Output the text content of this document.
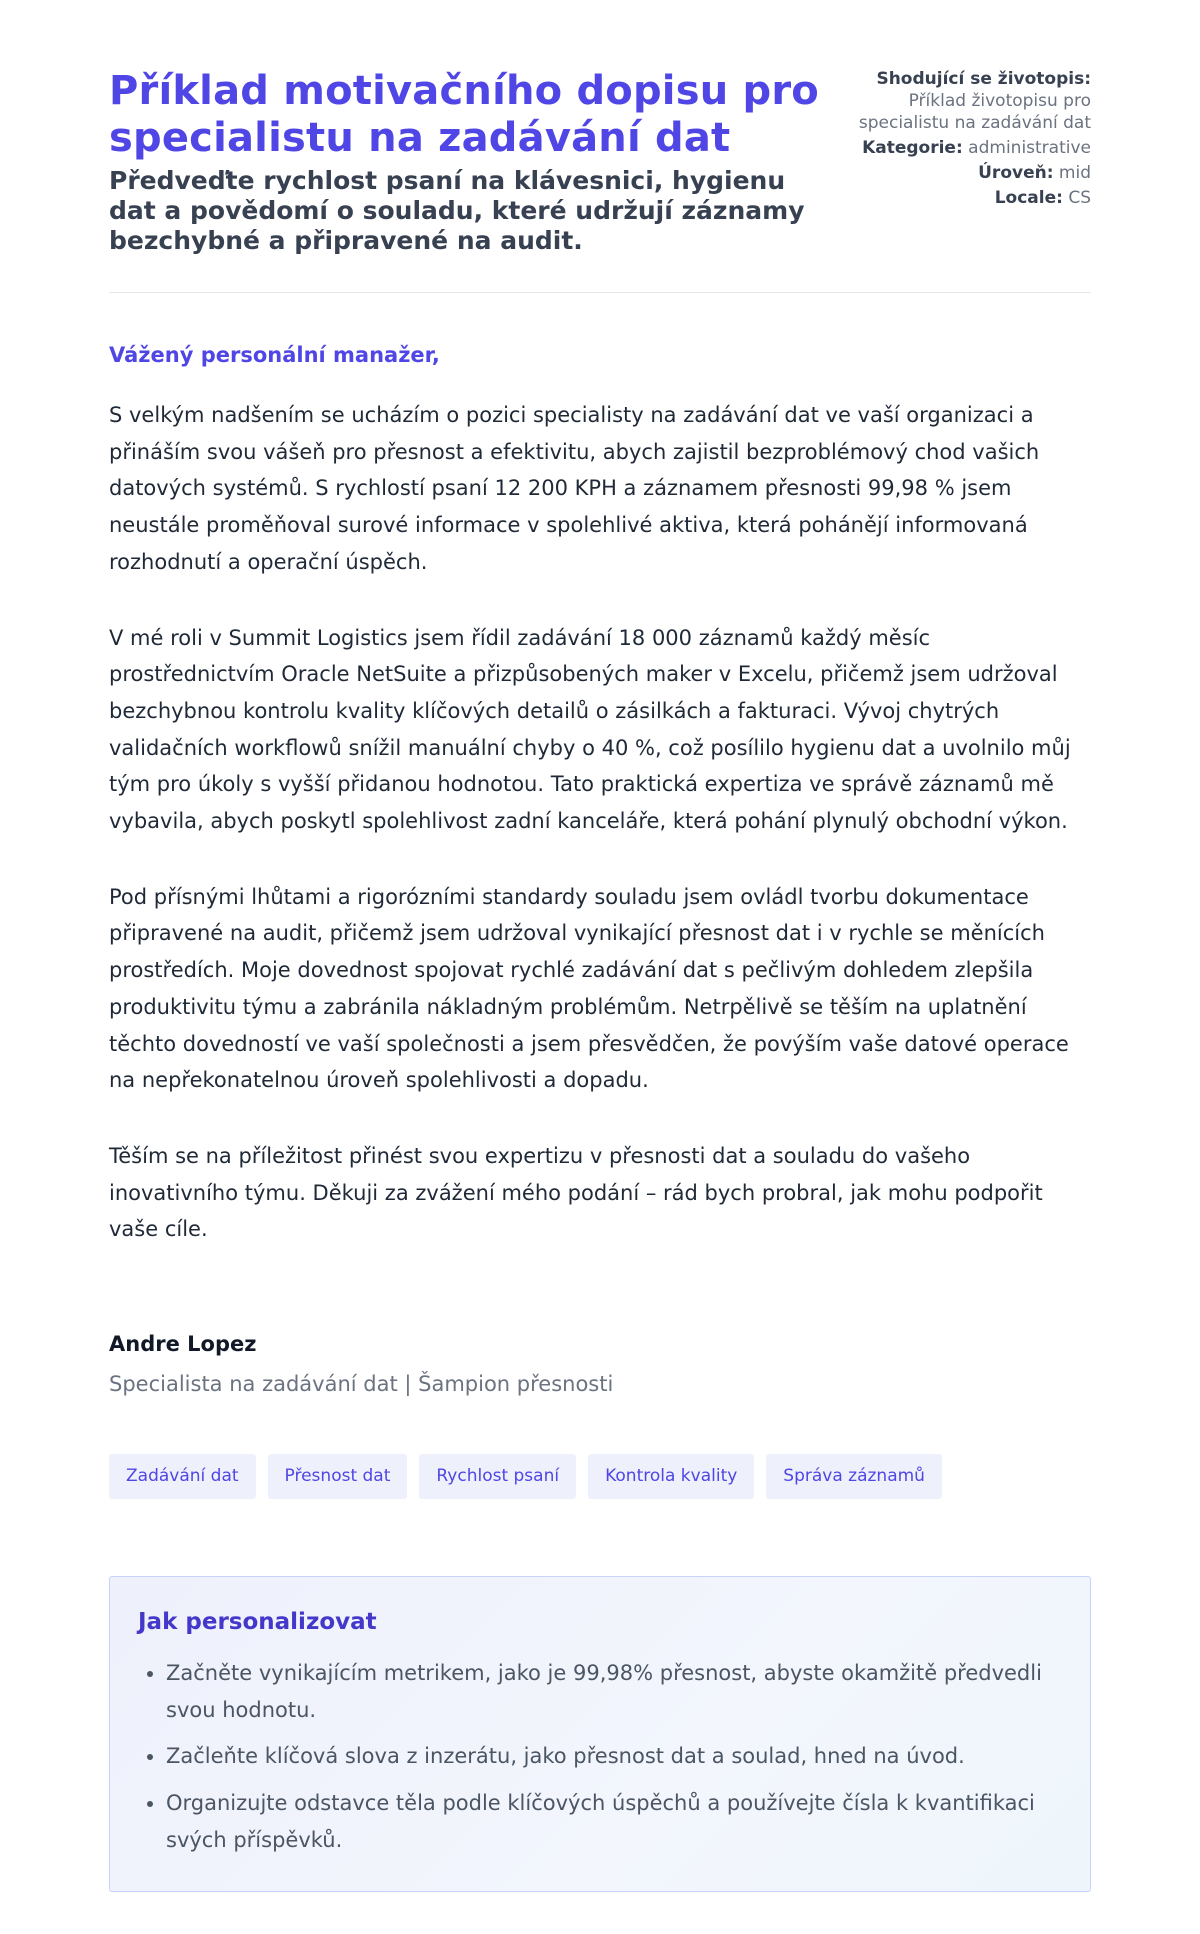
Příklad motivačního dopisu pro specialistu na zadávání dat
Předveďte rychlost psaní na klávesnici, hygienu dat a povědomí o souladu, které udržují záznamy bezchybné a připravené na audit.
Shodující se životopis:
Příklad životopisu pro specialistu na zadávání dat
Kategorie: administrative
Úroveň: mid
Locale: CS
Vážený personální manažer,

S velkým nadšením se ucházím o pozici specialisty na zadávání dat ve vaší organizaci a přináším svou vášeň pro přesnost a efektivitu, abych zajistil bezproblémový chod vašich datových systémů. S rychlostí psaní 12 200 KPH a záznamem přesnosti 99,98 % jsem neustále proměňoval surové informace v spolehlivé aktiva, která pohánějí informovaná rozhodnutí a operační úspěch.

V mé roli v Summit Logistics jsem řídil zadávání 18 000 záznamů každý měsíc prostřednictvím Oracle NetSuite a přizpůsobených maker v Excelu, přičemž jsem udržoval bezchybnou kontrolu kvality klíčových detailů o zásilkách a fakturaci. Vývoj chytrých validačních workflowů snížil manuální chyby o 40 %, což posílilo hygienu dat a uvolnilo můj tým pro úkoly s vyšší přidanou hodnotou. Tato praktická expertiza ve správě záznamů mě vybavila, abych poskytl spolehlivost zadní kanceláře, která pohání plynulý obchodní výkon.

Pod přísnými lhůtami a rigorózními standardy souladu jsem ovládl tvorbu dokumentace připravené na audit, přičemž jsem udržoval vynikající přesnost dat i v rychle se měnících prostředích. Moje dovednost spojovat rychlé zadávání dat s pečlivým dohledem zlepšila produktivitu týmu a zabránila nákladným problémům. Netrpělivě se těším na uplatnění těchto dovedností ve vaší společnosti a jsem přesvědčen, že povýším vaše datové operace na nepřekonatelnou úroveň spolehlivosti a dopadu.

Těším se na příležitost přinést svou expertizu v přesnosti dat a souladu do vašeho inovativního týmu. Děkuji za zvážení mého podání – rád bych probral, jak mohu podpořit vaše cíle.

Andre Lopez
Specialista na zadávání dat | Šampion přesnosti
Zadávání dat	Přesnost dat	Rychlost psaní	Kontrola kvality	Správa záznamů
Jak personalizovat
• Začněte vynikajícím metrikem, jako je 99,98% přesnost, abyste okamžitě předvedli svou hodnotu.
• Začleňte klíčová slova z inzerátu, jako přesnost dat a soulad, hned na úvod.
• Organizujte odstavce těla podle klíčových úspěchů a používejte čísla k kvantifikaci svých příspěvků.
